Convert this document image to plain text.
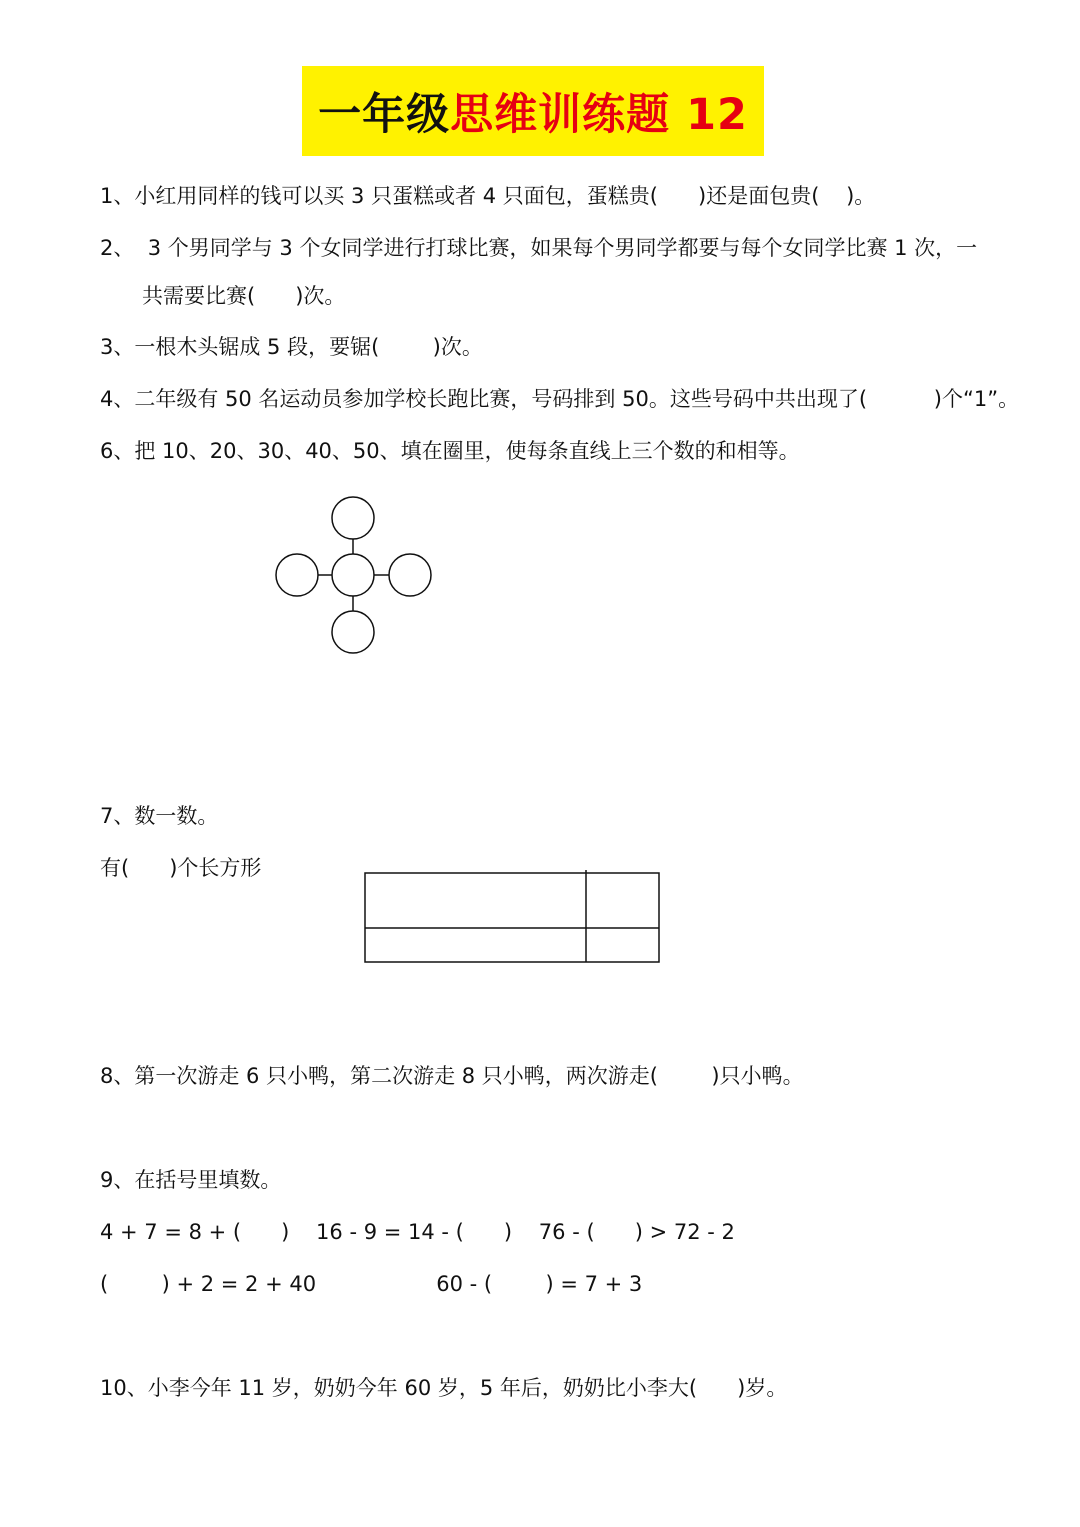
一年级 思维训练题 12
1、小红用同样的钱可以买 3 只蛋糕或者 4 只面包，蛋糕贵(      )还是面包贵(    )。
2、  3 个男同学与 3 个女同学进行打球比赛，如果每个男同学都要与每个女同学比赛 1 次，一
共需要比赛(      )次。
3、一根木头锯成 5 段，要锯(        )次。
4、二年级有 50 名运动员参加学校长跑比赛，号码排到 50。这些号码中共出现了(          )个“1”。
6、把 10、20、30、40、50、填在圈里，使每条直线上三个数的和相等。
7、数一数。
有(      )个长方形
8、第一次游走 6 只小鸭，第二次游走 8 只小鸭，两次游走(        )只小鸭。
9、在括号里填数。
4 + 7 = 8 + (      )    16 - 9 = 14 - (      )    76 - (      ) > 72 - 2
(        ) + 2 = 2 + 40                  60 - (        ) = 7 + 3
10、小李今年 11 岁，奶奶今年 60 岁，5 年后，奶奶比小李大(      )岁。
